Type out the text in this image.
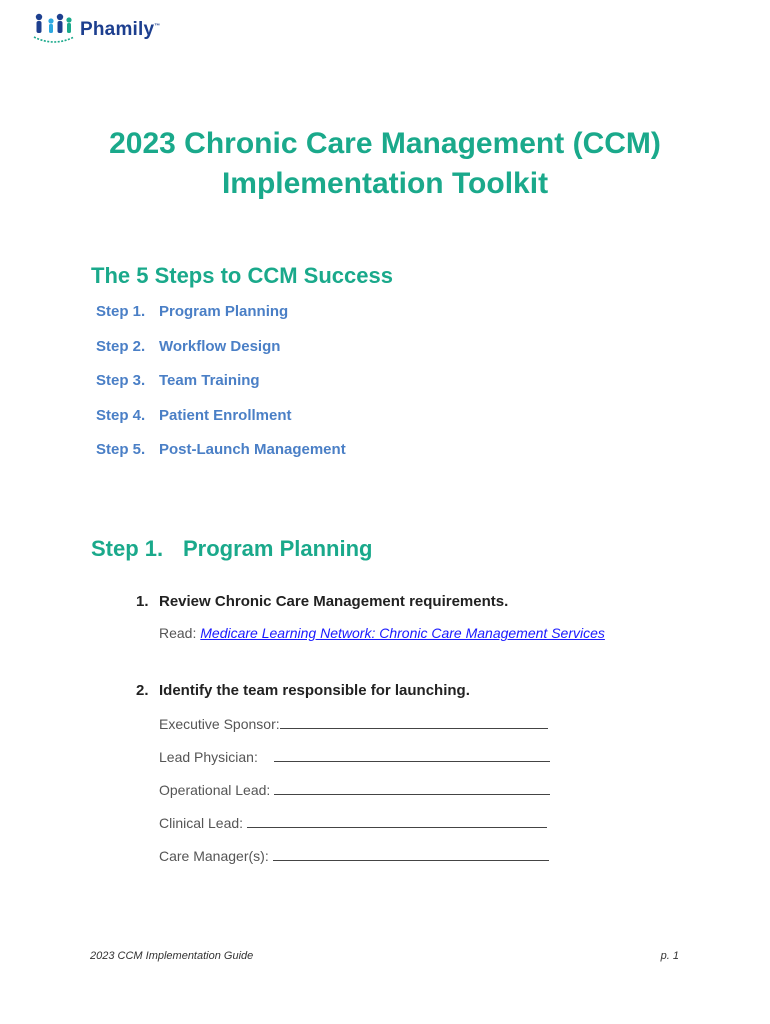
Phamily™
2023 Chronic Care Management (CCM)
Implementation Toolkit
The 5 Steps to CCM Success
Step 1. Program Planning
Step 2. Workflow Design
Step 3. Team Training
Step 4. Patient Enrollment
Step 5. Post-Launch Management
Step 1. Program Planning
1. Review Chronic Care Management requirements.
Read: Medicare Learning Network: Chronic Care Management Services
2. Identify the team responsible for launching.
Executive Sponsor:
Lead Physician:
Operational Lead:
Clinical Lead:
Care Manager(s):
2023 CCM Implementation Guide	p. 1
